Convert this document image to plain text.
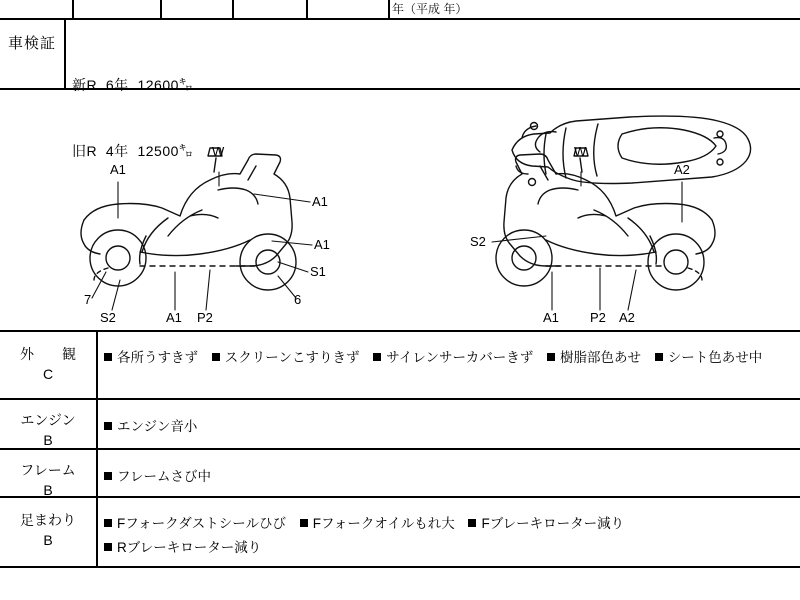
年（平成 年）
車検証

新R  6年  12600㌔

旧R  4年  12500㌔

A1
W
A1
A1
S1
7
S2	A1 P2
6
W
A2
S2
A1 P2 A2
外　　観
C
各所うすきず スクリーンこすりきず サイレンサーカバーきず 樹脂部色あせ シート色あせ中
エンジン
B
エンジン音小
フレーム
B
フレームさび中
足まわり
B
Fフォークダストシールひび Fフォークオイルもれ大 Fブレーキローター減り Rブレーキローター減り
